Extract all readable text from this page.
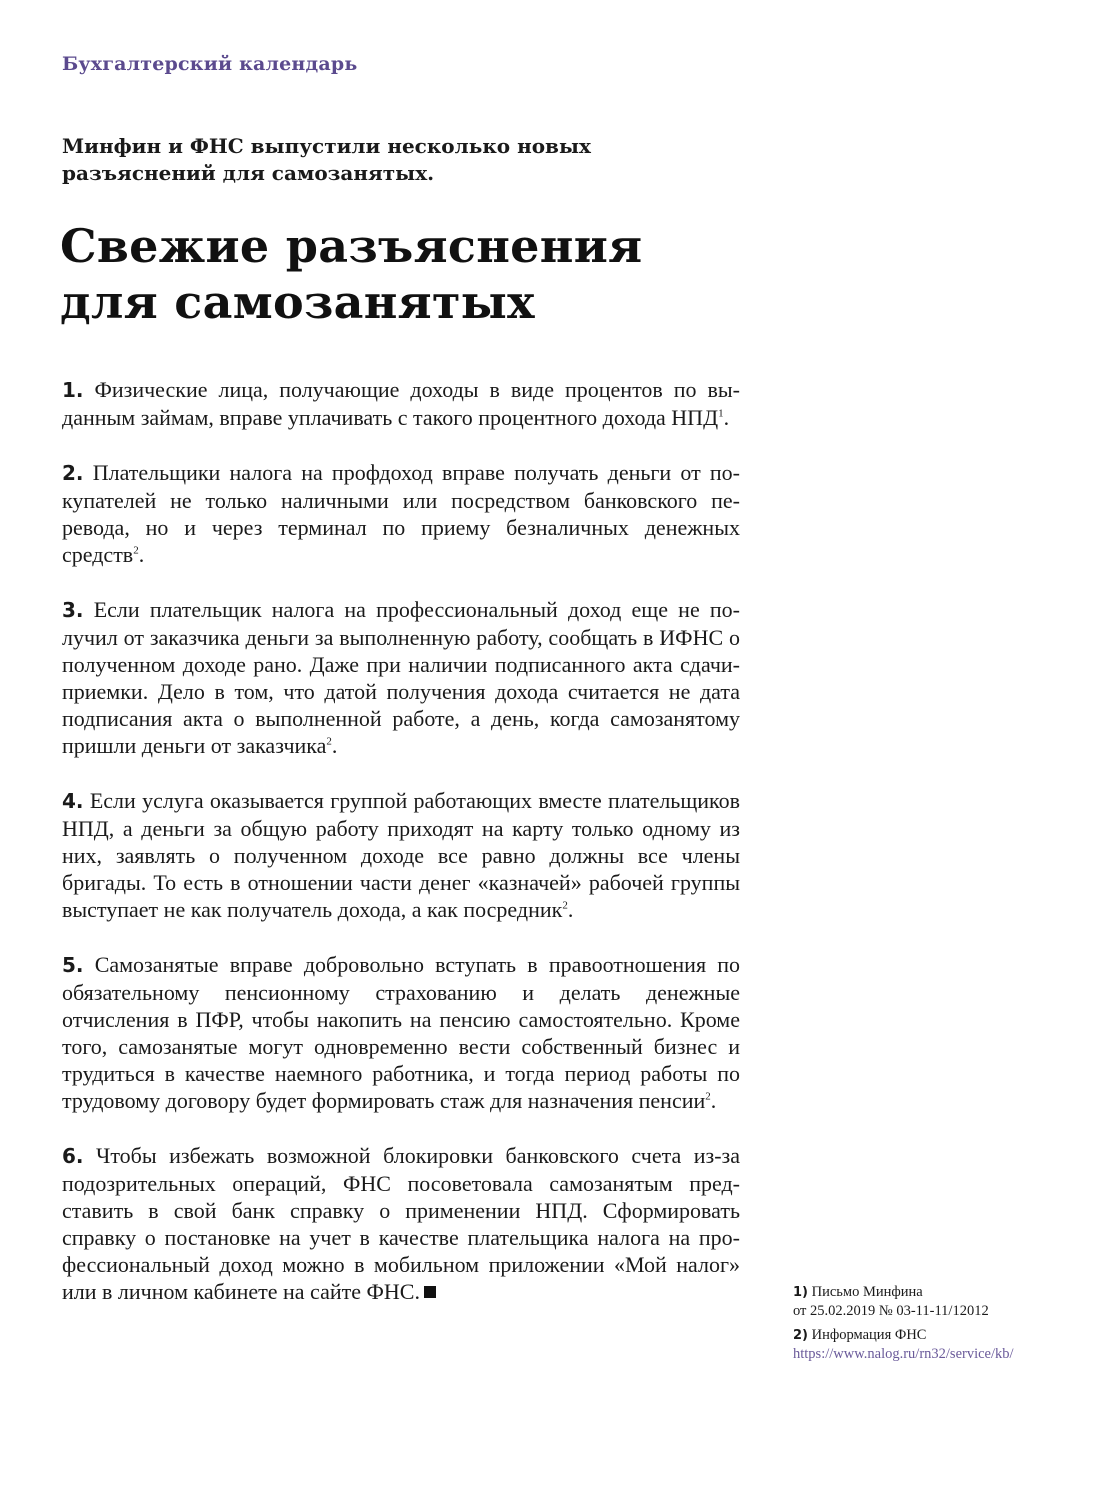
Бухгалтерский календарь
Минфин и ФНС выпустили несколько новых
разъяснений для самозанятых.
Свежие разъяснения
для самозанятых

1. Физические лица, получающие доходы в виде процентов по выданным займам, вправе уплачивать с такого процентного дохода НПД$^1$.

2. Плательщики налога на профдоход вправе получать деньги от покупателей не только наличными или посредством банковского перевода, но и через терминал по приему безналичных денежных средств$^2$.

3. Если плательщик налога на профессиональный доход еще не получил от заказчика деньги за выполненную работу, сообщать в ИФНС о полученном доходе рано. Даже при наличии подписанного акта сдачи-приемки. Дело в том, что датой получения дохода считается не дата подписания акта о выполненной работе, а день, когда самозанятому пришли деньги от заказчика$^2$.

4. Если услуга оказывается группой работающих вместе плательщиков НПД, а деньги за общую работу приходят на карту только одному из них, заявлять о полученном доходе все равно должны все члены бригады. То есть в отношении части денег «казначей» рабочей группы выступает не как получатель дохода, а как посредник$^2$.

5. Самозанятые вправе добровольно вступать в правоотношения по обязательному пенсионному страхованию и делать денежные отчисления в ПФР, чтобы накопить на пенсию самостоятельно. Кроме того, самозанятые могут одновременно вести собственный бизнес и трудиться в качестве наемного работника, и тогда период работы по трудовому договору будет формировать стаж для назначения пенсии$^2$.

6. Чтобы избежать возможной блокировки банковского счета из-за подозрительных операций, ФНС посоветовала самозанятым представить в свой банк справку о применении НПД. Сформировать справку о постановке на учет в качестве плательщика налога на профессиональный доход можно в мобильном приложении «Мой налог» или в личном кабинете на сайте ФНС.	1) Письмо Минфина
от 25.02.2019 № 03-11-11/12012
2) Информация ФНС
https://www.nalog.ru/rn32/service/kb/
